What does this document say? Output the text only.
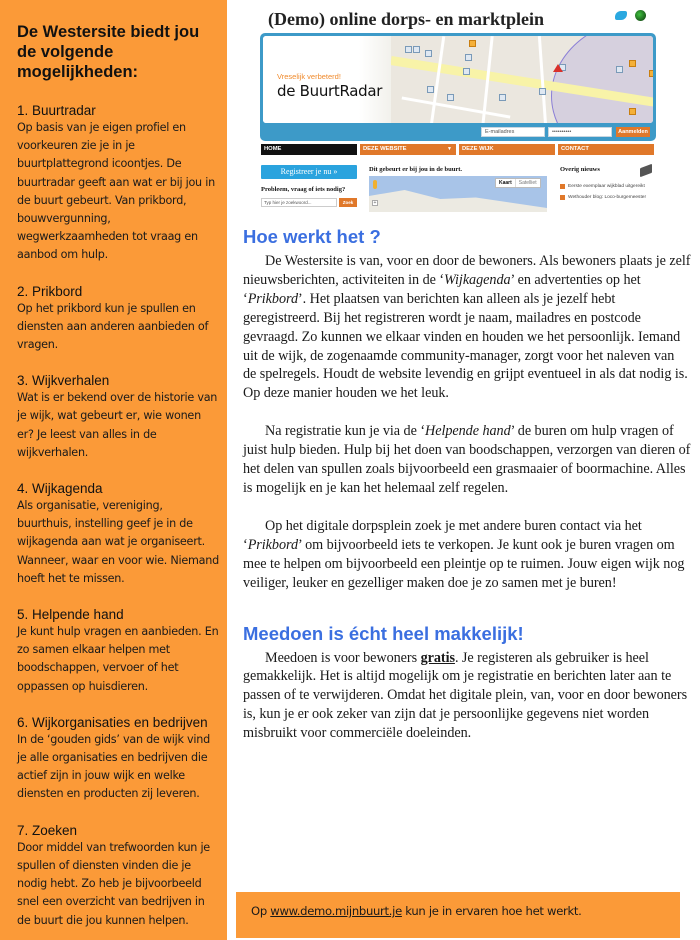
De Westersite biedt jou de volgende mogelijkheden:
1. Buurtradar
Op basis van je eigen profiel en voorkeuren zie je in je buurtplattegrond icoontjes. De buurtradar geeft aan wat er bij jou in de buurt gebeurt. Van prikbord, bouwvergunning, wegwerkzaamheden tot vraag en aanbod om hulp.
2. Prikbord
Op het prikbord kun je spullen en diensten aan anderen aanbieden of vragen.
3. Wijkverhalen
Wat is er bekend over de historie van je wijk, wat gebeurt er, wie wonen er? Je leest van alles in de wijkverhalen.
4. Wijkagenda
Als organisatie, vereniging, buurthuis, instelling geef je in de wijkagenda aan wat je organiseert. Wanneer, waar en voor wie. Niemand hoeft het te missen.
5. Helpende hand
Je kunt hulp vragen en aanbieden. En zo samen elkaar helpen met boodschappen, vervoer of het oppassen op huisdieren.
6. Wijkorganisaties en bedrijven
In de ‘gouden gids’ van de wijk vind je alle organisaties en bedrijven die actief zijn in jouw wijk en welke diensten en producten zij leveren.
7. Zoeken
Door middel van trefwoorden kun je spullen of diensten vinden die je nodig hebt. Zo heb je bijvoorbeeld snel een overzicht van bedrijven in de buurt die jou kunnen helpen.
(Demo) online dorps- en marktplein
Vreselijk verbeterd!
de BuurtRadar
E-mailadres	••••••••••	Aanmelden
HOME	DEZE WEBSITE	▼	DEZE WIJK	CONTACT
Registreer je nu »
Probleem, vraag of iets nodig?
Typ hier je zoekwoord...	Zoek
Dit gebeurt er bij jou in de buurt.
+
Kaart	Satelliet
Overig nieuws
Eerste exemplaar wijkblad uitgereikt
Wethouder blog: Loco-burgemeester
Hoe werkt het ?

De Westersite is van, voor en door de bewoners. Als bewoners plaats je zelf nieuwsberichten, activiteiten in de ‘Wijkagenda’ en advertenties op het ‘Prikbord’. Het plaatsen van berichten kan alleen als je jezelf hebt geregistreerd. Bij het registreren wordt je naam, mailadres en postcode gevraagd. Zo kunnen we elkaar vinden en houden we het persoonlijk. Iemand uit de wijk, de zogenaamde community-manager, zorgt voor het naleven van de spelregels. Houdt de website levendig en grijpt eventueel in als dat nodig is. Op deze manier houden we het leuk.

Na registratie kun je via de ‘Helpende hand’ de buren om hulp vragen of juist hulp bieden. Hulp bij het doen van boodschappen, verzorgen van dieren of het delen van spullen zoals bijvoorbeeld een grasmaaier of boormachine. Alles is mogelijk en je kan het helemaal zelf regelen.

Op het digitale dorpsplein zoek je met andere buren contact via het ‘Prikbord’ om bijvoorbeeld iets te verkopen. Je kunt ook je buren vragen om mee te helpen om bijvoorbeeld een pleintje op te ruimen. Jouw eigen wijk nog veiliger, leuker en gezelliger maken doe je zo samen met je buren!

Meedoen is écht heel makkelijk!

Meedoen is voor bewoners gratis. Je registeren als gebruiker is heel gemakkelijk. Het is altijd mogelijk om je registratie en berichten later aan te passen of te verwijderen. Omdat het digitale plein, van, voor en door bewoners is, kun je er ook zeker van zijn dat je persoonlijke gegevens niet worden misbruikt voor commerciële doeleinden.

Op www.demo.mijnbuurt.je kun je in ervaren hoe het werkt.
